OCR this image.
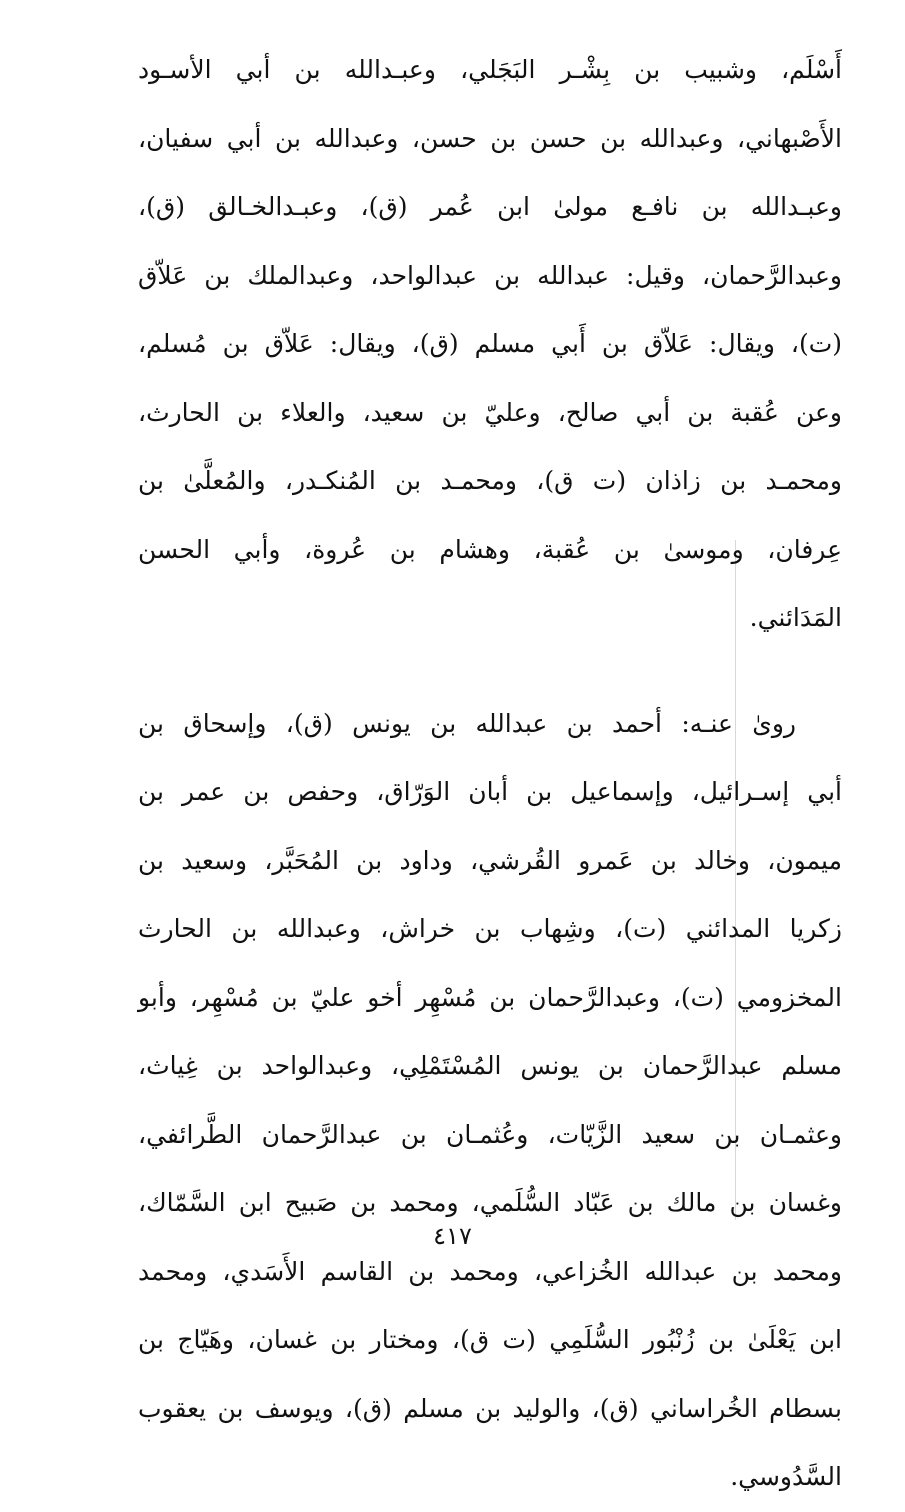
أَسْلَم، وشبيب بن بِشْـر البَجَلي، وعبـدالله بن أبي الأسـود
الأَصْبهاني، وعبدالله بن حسن بن حسن، وعبدالله بن أبي سفيان،
وعبـدالله بن نافـع مولىٰ ابن عُمر (ق)، وعبـدالخـالق (ق)،
وعبدالرَّحمان، وقيل: عبدالله بن عبدالواحد، وعبدالملك بن عَلاّق
(ت)، ويقال: عَلاّق بن أَبي مسلم (ق)، ويقال: عَلاّق بن مُسلم،
وعن عُقبة بن أبي صالح، وعليّ بن سعيد، والعلاء بن الحارث،
ومحمـد بن زاذان (ت ق)، ومحمـد بن المُنكـدر، والمُعلَّىٰ بن
عِرفان، وموسىٰ بن عُقبة، وهشام بن عُروة، وأبي الحسن
المَدَائني.
روىٰ عنـه: أحمد بن عبدالله بن يونس (ق)، وإسحاق بن
أبي إسـرائيل، وإسماعيل بن أبان الوَرّاق، وحفص بن عمر بن
ميمون، وخالد بن عَمرو القُرشي، وداود بن المُحَبَّر، وسعيد بن
زكريا المدائني (ت)، وشِهاب بن خراش، وعبدالله بن الحارث
المخزومي (ت)، وعبدالرَّحمان بن مُسْهِر أخو عليّ بن مُسْهِر، وأبو
مسلم عبدالرَّحمان بن يونس المُسْتَمْلِي، وعبدالواحد بن غِياث،
وعثمـان بن سعيد الزَّيّات، وعُثمـان بن عبدالرَّحمان الطَّرائفي،
وغسان بن مالك بن عَبّاد السُّلَمي، ومحمد بن صَبيح ابن السَّمّاك،
ومحمد بن عبدالله الخُزاعي، ومحمد بن القاسم الأَسَدي، ومحمد
ابن يَعْلَىٰ بن زُنْبُور السُّلَمِي (ت ق)، ومختار بن غسان، وهَيّاج بن
بسطام الخُراساني (ق)، والوليد بن مسلم (ق)، ويوسف بن يعقوب
السَّدُوسي.
٤١٧
